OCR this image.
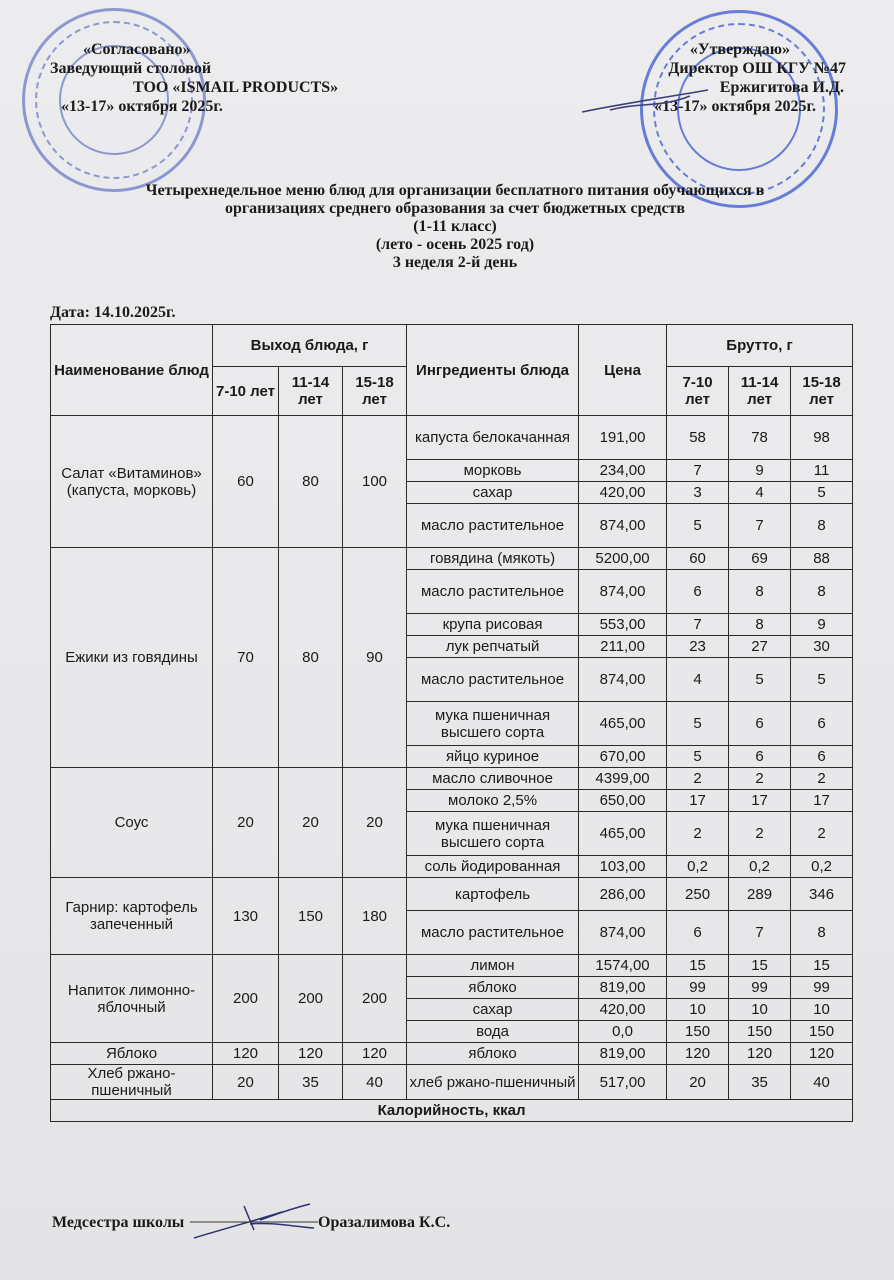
«Согласовано»
Заведующий столовой
ТОО «ISMAIL PRODUCTS»
«13-17» октября 2025г.
«Утверждаю»
Директор ОШ КГУ №47
Ержигитова И.Д.
«13-17» октября 2025г.
Четырехнедельное меню блюд для организации бесплатного питания обучающихся в
организациях среднего образования за счет бюджетных средств
(1-11 класс)
(лето - осень 2025 год)
3 неделя 2-й день
Дата: 14.10.2025г.
Наименование блюд	Выход блюда, г			Ингредиенты блюда	Цена	Брутто, г		
	7-10 лет	11-14 лет	15-18 лет			7-10 лет	11-14 лет	15-18 лет
Салат «Витаминов» (капуста, морковь)	60	80	100	капуста белокачанная	191,00	58	78	98
				морковь	234,00	7	9	11
				сахар	420,00	3	4	5
				масло растительное	874,00	5	7	8
Ежики из говядины	70	80	90	говядина (мякоть)	5200,00	60	69	88
				масло растительное	874,00	6	8	8
				крупа рисовая	553,00	7	8	9
				лук репчатый	211,00	23	27	30
				масло растительное	874,00	4	5	5
				мука пшеничная высшего сорта	465,00	5	6	6
				яйцо куриное	670,00	5	6	6
Соус	20	20	20	масло сливочное	4399,00	2	2	2
				молоко 2,5%	650,00	17	17	17
				мука пшеничная высшего сорта	465,00	2	2	2
				соль йодированная	103,00	0,2	0,2	0,2
Гарнир: картофель запеченный	130	150	180	картофель	286,00	250	289	346
				масло растительное	874,00	6	7	8
Напиток лимонно-яблочный	200	200	200	лимон	1574,00	15	15	15
				яблоко	819,00	99	99	99
				сахар	420,00	10	10	10
				вода	0,0	150	150	150
Яблоко	120	120	120	яблоко	819,00	120	120	120
Хлеб ржано-пшеничный	20	35	40	хлеб ржано-пшеничный	517,00	20	35	40
Калорийность, ккал								
Медсестра школы	Оразалимова К.С.
